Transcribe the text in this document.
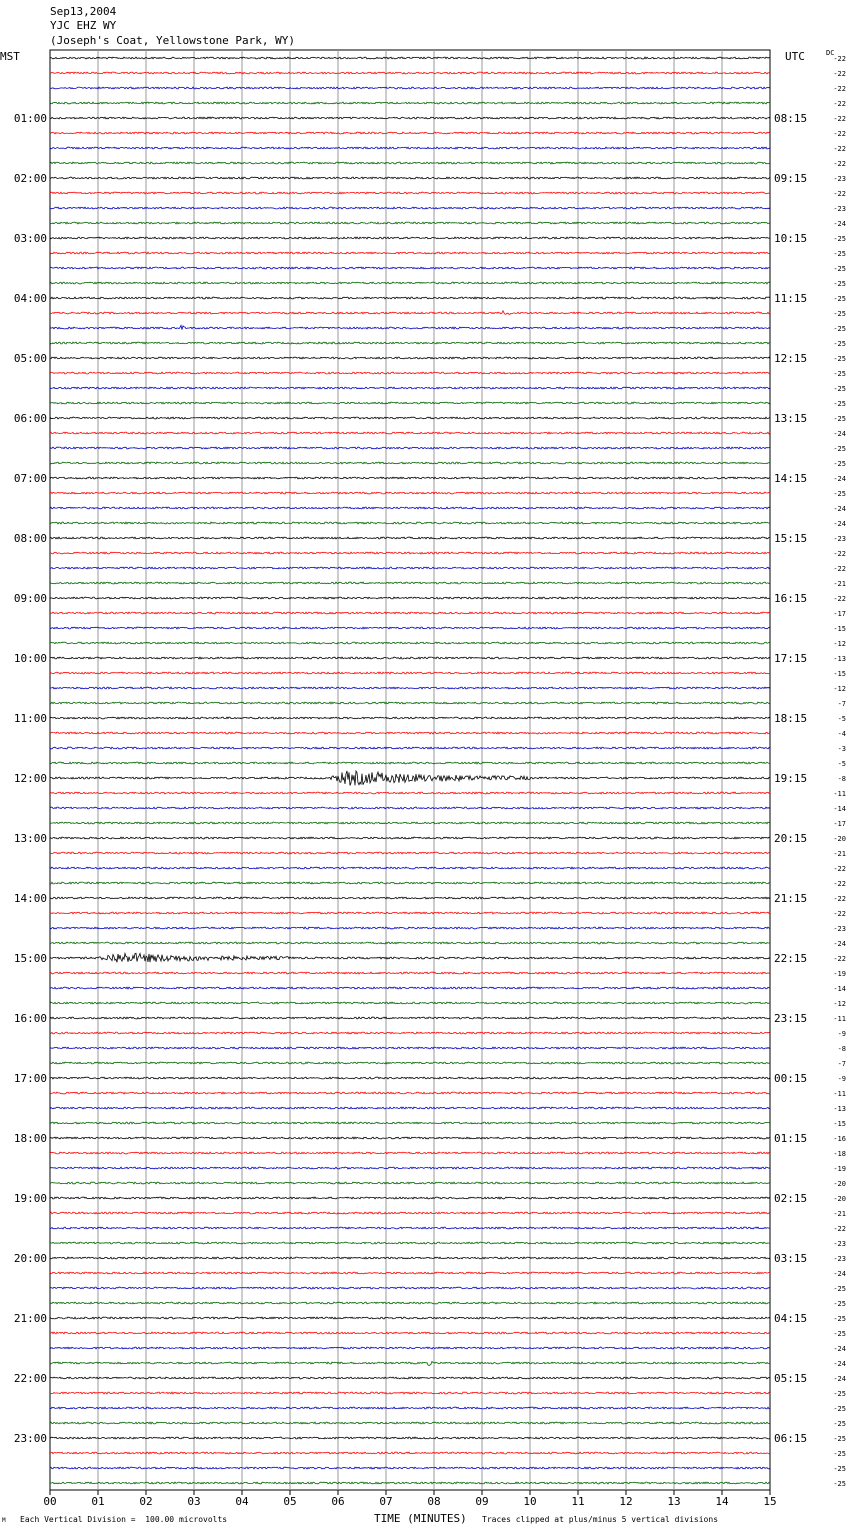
Sep13,2004
YJC EHZ WY
(Joseph's Coat, Yellowstone Park, WY)
MST	UTC	DC
00	01	02	03	04	05	06	07	08	09	10	11	12	13	14	15
-22
-22
-22
-22
-22
-22
-22
-22
-23
-22
-23
-24
-25
-25
-25
-25
-25
-25
-25
-25
-25
-25
-25
-25
-25
-24
-25
-25
-24
-25
-24
-24
-23
-22
-22
-21
-22
-17
-15
-12
-13
-15
-12
-7
-5
-4
-3
-5
-8
-11
-14
-17
-20
-21
-22
-22
-22
-22
-23
-24
-22
-19
-14
-12
-11
-9
-8
-7
-9
-11
-13
-15
-16
-18
-19
-20
-20
-21
-22
-23
-23
-24
-25
-25
-25
-25
-24
-24
-24
-25
-25
-25
-25
-25
-25
-25
01:00	08:15
02:00	09:15
03:00	10:15
04:00	11:15
05:00	12:15
06:00	13:15
07:00	14:15
08:00	15:15
09:00	16:15
10:00	17:15
11:00	18:15
12:00	19:15
13:00	20:15
14:00	21:15
15:00	22:15
16:00	23:15
17:00	00:15
18:00	01:15
19:00	02:15
20:00	03:15
21:00	04:15
22:00	05:15
23:00	06:15
Each Vertical Division =  100.00 microvolts	TIME (MINUTES) Traces clipped at plus/minus 5 vertical divisions
M
